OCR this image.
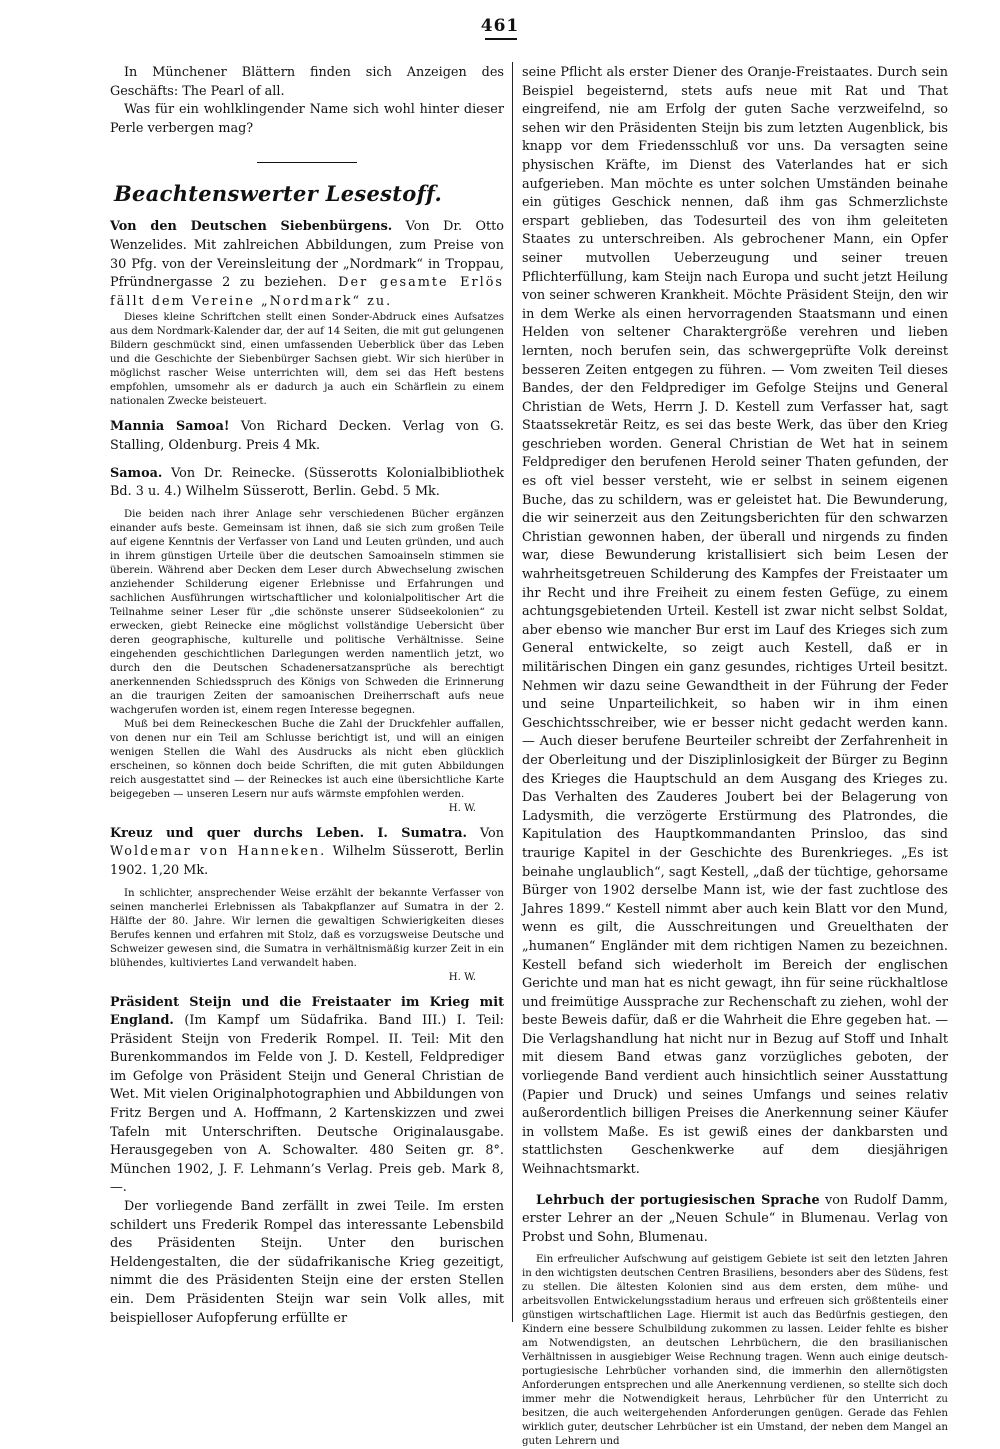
461

In Münchener Blättern finden sich Anzeigen des Geschäfts: The Pearl of all.

Was für ein wohlklingender Name sich wohl hinter dieser Perle verbergen mag?

Beachtenswerter Lesestoff.

Von den Deutschen Siebenbürgens. Von Dr. Otto Wenzelides. Mit zahlreichen Abbildungen, zum Preise von 30 Pfg. von der Vereinsleitung der „Nordmark“ in Troppau, Pfründnergasse 2 zu beziehen. Der gesamte Erlös fällt dem Vereine „Nordmark“ zu.

Dieses kleine Schriftchen stellt einen Sonder-Abdruck eines Aufsatzes aus dem Nordmark-Kalender dar, der auf 14 Seiten, die mit gut gelungenen Bildern geschmückt sind, einen umfassenden Ueberblick über das Leben und die Geschichte der Siebenbürger Sachsen giebt. Wir sich hierüber in möglichst rascher Weise unterrichten will, dem sei das Heft bestens empfohlen, umsomehr als er dadurch ja auch ein Schärflein zu einem nationalen Zwecke beisteuert.

Mannia Samoa! Von Richard Decken. Verlag von G. Stalling, Oldenburg. Preis 4 Mk.

Samoa. Von Dr. Reinecke. (Süsserotts Kolonialbibliothek Bd. 3 u. 4.) Wilhelm Süsserott, Berlin. Gebd. 5 Mk.

Die beiden nach ihrer Anlage sehr verschiedenen Bücher ergänzen einander aufs beste. Gemeinsam ist ihnen, daß sie sich zum großen Teile auf eigene Kenntnis der Verfasser von Land und Leuten gründen, und auch in ihrem günstigen Urteile über die deutschen Samoainseln stimmen sie überein. Während aber Decken dem Leser durch Abwechselung zwischen anziehender Schilderung eigener Erlebnisse und Erfahrungen und sachlichen Ausführungen wirtschaftlicher und kolonialpolitischer Art die Teilnahme seiner Leser für „die schönste unserer Südseekolonien“ zu erwecken, giebt Reinecke eine möglichst vollständige Uebersicht über deren geographische, kulturelle und politische Verhältnisse. Seine eingehenden geschichtlichen Darlegungen werden namentlich jetzt, wo durch den die Deutschen Schadenersatzansprüche als berechtigt anerkennenden Schiedsspruch des Königs von Schweden die Erinnerung an die traurigen Zeiten der samoanischen Dreiherrschaft aufs neue wachgerufen worden ist, einem regen Interesse begegnen.

Muß bei dem Reineckeschen Buche die Zahl der Druckfehler auffallen, von denen nur ein Teil am Schlusse berichtigt ist, und will an einigen wenigen Stellen die Wahl des Ausdrucks als nicht eben glücklich erscheinen, so können doch beide Schriften, die mit guten Abbildungen reich ausgestattet sind — der Reineckes ist auch eine übersichtliche Karte beigegeben — unseren Lesern nur aufs wärmste empfohlen werden.

H. W.

Kreuz und quer durchs Leben. I. Sumatra. Von Woldemar von Hanneken. Wilhelm Süsserott, Berlin 1902. 1,20 Mk.

In schlichter, ansprechender Weise erzählt der bekannte Verfasser von seinen mancherlei Erlebnissen als Tabakpflanzer auf Sumatra in der 2. Hälfte der 80. Jahre. Wir lernen die gewaltigen Schwierigkeiten dieses Berufes kennen und erfahren mit Stolz, daß es vorzugsweise Deutsche und Schweizer gewesen sind, die Sumatra in verhältnismäßig kurzer Zeit in ein blühendes, kultiviertes Land verwandelt haben.

H. W.

Präsident Steijn und die Freistaater im Krieg mit England. (Im Kampf um Südafrika. Band III.) I. Teil: Präsident Steijn von Frederik Rompel. II. Teil: Mit den Burenkommandos im Felde von J. D. Kestell, Feldprediger im Gefolge von Präsident Steijn und General Christian de Wet. Mit vielen Originalphotographien und Abbildungen von Fritz Bergen und A. Hoffmann, 2 Kartenskizzen und zwei Tafeln mit Unterschriften. Deutsche Originalausgabe. Herausgegeben von A. Schowalter. 480 Seiten gr. 8°. München 1902, J. F. Lehmann’s Verlag. Preis geb. Mark 8,—.

Der vorliegende Band zerfällt in zwei Teile. Im ersten schildert uns Frederik Rompel das interessante Lebensbild des Präsidenten Steijn. Unter den burischen Heldengestalten, die der südafrikanische Krieg gezeitigt, nimmt die des Präsidenten Steijn eine der ersten Stellen ein. Dem Präsidenten Steijn war sein Volk alles, mit beispielloser Aufopferung erfüllte er

seine Pflicht als erster Diener des Oranje-Freistaates. Durch sein Beispiel begeisternd, stets aufs neue mit Rat und That eingreifend, nie am Erfolg der guten Sache verzweifelnd, so sehen wir den Präsidenten Steijn bis zum letzten Augenblick, bis knapp vor dem Friedensschluß vor uns. Da versagten seine physischen Kräfte, im Dienst des Vaterlandes hat er sich aufgerieben. Man möchte es unter solchen Umständen beinahe ein gütiges Geschick nennen, daß ihm gas Schmerzlichste erspart geblieben, das Todesurteil des von ihm geleiteten Staates zu unterschreiben. Als gebrochener Mann, ein Opfer seiner mutvollen Ueberzeugung und seiner treuen Pflichterfüllung, kam Steijn nach Europa und sucht jetzt Heilung von seiner schweren Krankheit. Möchte Präsident Steijn, den wir in dem Werke als einen hervorragenden Staatsmann und einen Helden von seltener Charaktergröße verehren und lieben lernten, noch berufen sein, das schwergeprüfte Volk dereinst besseren Zeiten entgegen zu führen. — Vom zweiten Teil dieses Bandes, der den Feldprediger im Gefolge Steijns und General Christian de Wets, Herrn J. D. Kestell zum Verfasser hat, sagt Staatssekretär Reitz, es sei das beste Werk, das über den Krieg geschrieben worden. General Christian de Wet hat in seinem Feldprediger den berufenen Herold seiner Thaten gefunden, der es oft viel besser versteht, wie er selbst in seinem eigenen Buche, das zu schildern, was er geleistet hat. Die Bewunderung, die wir seinerzeit aus den Zeitungsberichten für den schwarzen Christian gewonnen haben, der überall und nirgends zu finden war, diese Bewunderung kristallisiert sich beim Lesen der wahrheitsgetreuen Schilderung des Kampfes der Freistaater um ihr Recht und ihre Freiheit zu einem festen Gefüge, zu einem achtungsgebietenden Urteil. Kestell ist zwar nicht selbst Soldat, aber ebenso wie mancher Bur erst im Lauf des Krieges sich zum General entwickelte, so zeigt auch Kestell, daß er in militärischen Dingen ein ganz gesundes, richtiges Urteil besitzt. Nehmen wir dazu seine Gewandtheit in der Führung der Feder und seine Unparteilichkeit, so haben wir in ihm einen Geschichtsschreiber, wie er besser nicht gedacht werden kann. — Auch dieser berufene Beurteiler schreibt der Zerfahrenheit in der Oberleitung und der Disziplinlosigkeit der Bürger zu Beginn des Krieges die Hauptschuld an dem Ausgang des Krieges zu. Das Verhalten des Zauderes Joubert bei der Belagerung von Ladysmith, die verzögerte Erstürmung des Platrondes, die Kapitulation des Hauptkommandanten Prinsloo, das sind traurige Kapitel in der Geschichte des Burenkrieges. „Es ist beinahe unglaublich“, sagt Kestell, „daß der tüchtige, gehorsame Bürger von 1902 derselbe Mann ist, wie der fast zuchtlose des Jahres 1899.“ Kestell nimmt aber auch kein Blatt vor den Mund, wenn es gilt, die Ausschreitungen und Greuelthaten der „humanen“ Engländer mit dem richtigen Namen zu bezeichnen. Kestell befand sich wiederholt im Bereich der englischen Gerichte und man hat es nicht gewagt, ihn für seine rückhaltlose und freimütige Aussprache zur Rechenschaft zu ziehen, wohl der beste Beweis dafür, daß er die Wahrheit die Ehre gegeben hat. — Die Verlagshandlung hat nicht nur in Bezug auf Stoff und Inhalt mit diesem Band etwas ganz vorzügliches geboten, der vorliegende Band verdient auch hinsichtlich seiner Ausstattung (Papier und Druck) und seines Umfangs und seines relativ außerordentlich billigen Preises die Anerkennung seiner Käufer in vollstem Maße. Es ist gewiß eines der dankbarsten und stattlichsten Geschenkwerke auf dem diesjährigen Weihnachtsmarkt.

Lehrbuch der portugiesischen Sprache von Rudolf Damm, erster Lehrer an der „Neuen Schule“ in Blumenau. Verlag von Probst und Sohn, Blumenau.

Ein erfreulicher Aufschwung auf geistigem Gebiete ist seit den letzten Jahren in den wichtigsten deutschen Centren Brasiliens, besonders aber des Südens, fest zu stellen. Die ältesten Kolonien sind aus dem ersten, dem mühe- und arbeitsvollen Entwickelungsstadium heraus und erfreuen sich größtenteils einer günstigen wirtschaftlichen Lage. Hiermit ist auch das Bedürfnis gestiegen, den Kindern eine bessere Schulbildung zukommen zu lassen. Leider fehlte es bisher am Notwendigsten, an deutschen Lehrbüchern, die den brasilianischen Verhältnissen in ausgiebiger Weise Rechnung tragen. Wenn auch einige deutsch-portugiesische Lehrbücher vorhanden sind, die immerhin den allernötigsten Anforderungen entsprechen und alle Anerkennung verdienen, so stellte sich doch immer mehr die Notwendigkeit heraus, Lehrbücher für den Unterricht zu besitzen, die auch weitergehenden Anforderungen genügen. Gerade das Fehlen wirklich guter, deutscher Lehrbücher ist ein Umstand, der neben dem Mangel an guten Lehrern und
